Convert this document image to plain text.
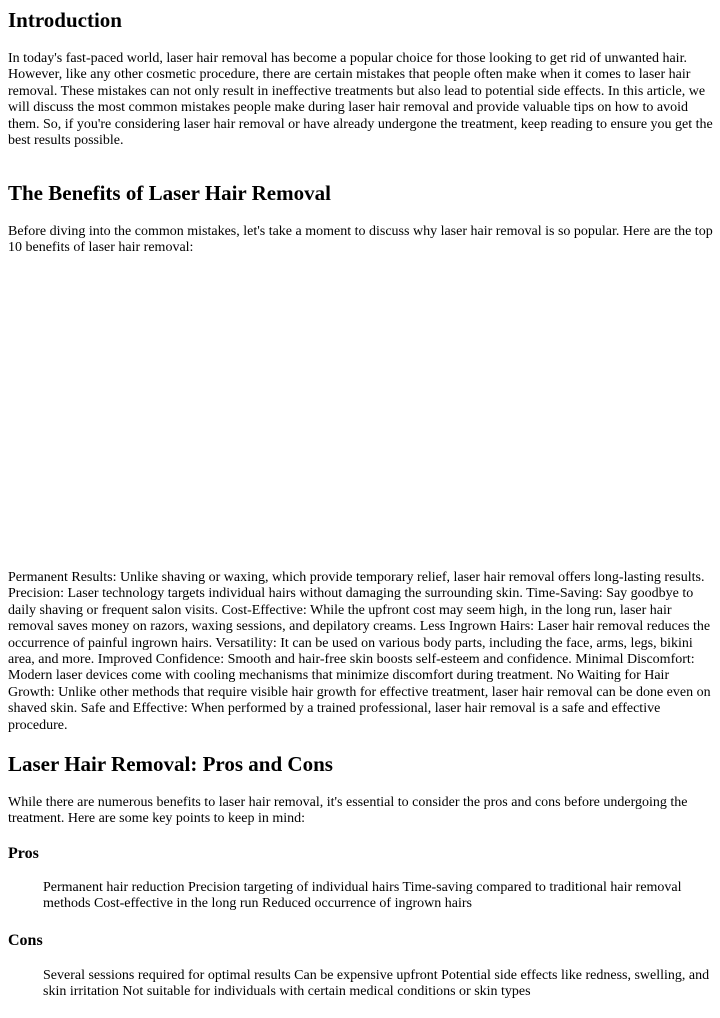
Introduction

In today's fast-paced world, laser hair removal has become a popular choice for those looking to get rid of unwanted hair. However, like any other cosmetic procedure, there are certain mistakes that people often make when it comes to laser hair removal. These mistakes can not only result in ineffective treatments but also lead to potential side effects. In this article, we will discuss the most common mistakes people make during laser hair removal and provide valuable tips on how to avoid them. So, if you're considering laser hair removal or have already undergone the treatment, keep reading to ensure you get the best results possible.

The Benefits of Laser Hair Removal

Before diving into the common mistakes, let's take a moment to discuss why laser hair removal is so popular. Here are the top 10 benefits of laser hair removal:

Permanent Results: Unlike shaving or waxing, which provide temporary relief, laser hair removal offers long-lasting results. Precision: Laser technology targets individual hairs without damaging the surrounding skin. Time-Saving: Say goodbye to daily shaving or frequent salon visits. Cost-Effective: While the upfront cost may seem high, in the long run, laser hair removal saves money on razors, waxing sessions, and depilatory creams. Less Ingrown Hairs: Laser hair removal reduces the occurrence of painful ingrown hairs. Versatility: It can be used on various body parts, including the face, arms, legs, bikini area, and more. Improved Confidence: Smooth and hair-free skin boosts self-esteem and confidence. Minimal Discomfort: Modern laser devices come with cooling mechanisms that minimize discomfort during treatment. No Waiting for Hair Growth: Unlike other methods that require visible hair growth for effective treatment, laser hair removal can be done even on shaved skin. Safe and Effective: When performed by a trained professional, laser hair removal is a safe and effective procedure.

Laser Hair Removal: Pros and Cons

While there are numerous benefits to laser hair removal, it's essential to consider the pros and cons before undergoing the treatment. Here are some key points to keep in mind:

Pros

Permanent hair reduction Precision targeting of individual hairs Time-saving compared to traditional hair removal methods Cost-effective in the long run Reduced occurrence of ingrown hairs

Cons

Several sessions required for optimal results Can be expensive upfront Potential side effects like redness, swelling, and skin irritation Not suitable for individuals with certain medical conditions or skin types
